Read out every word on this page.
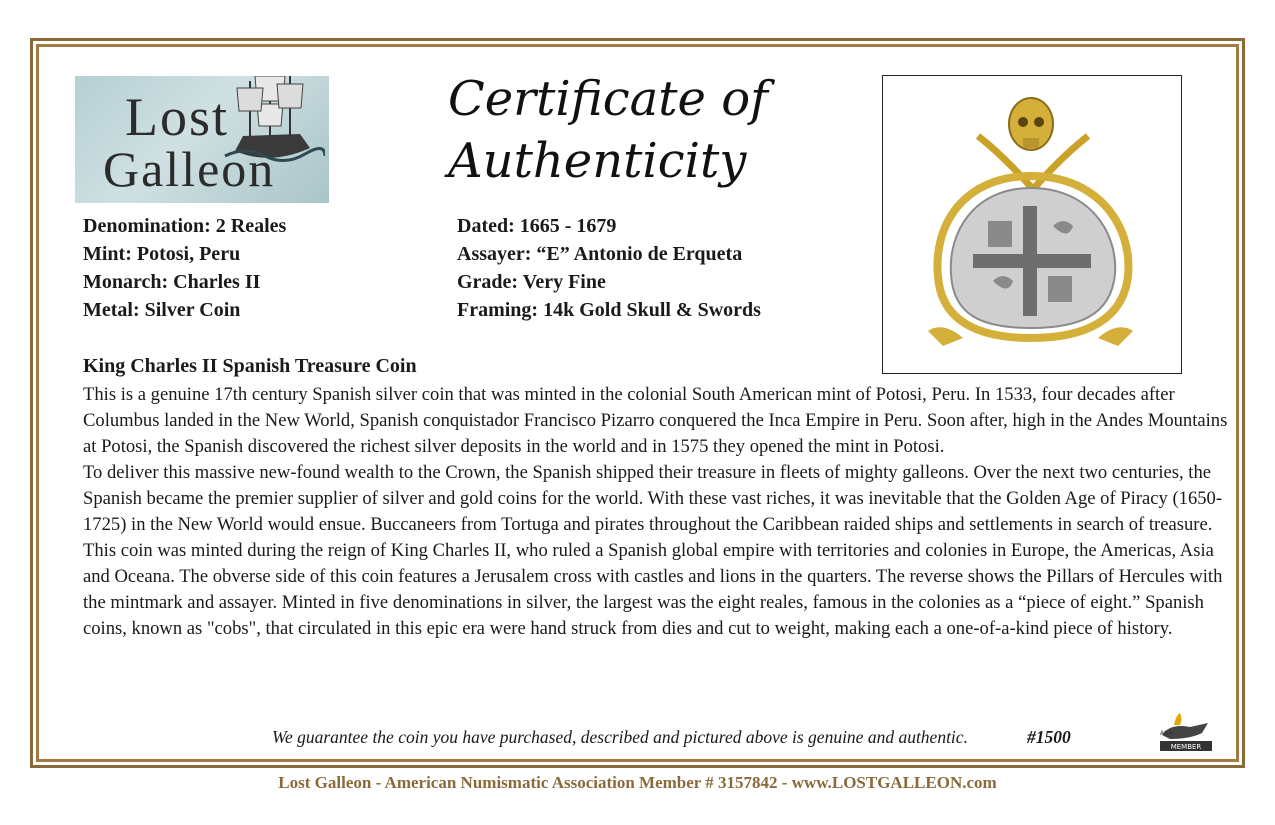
Lost
Galleon
Certificate of
Authenticity
Denomination: 2 Reales
Mint: Potosi, Peru
Monarch: Charles II
Metal: Silver Coin
Dated: 1665 - 1679
Assayer: “E” Antonio de Erqueta
Grade: Very Fine
Framing: 14k Gold Skull & Swords
King Charles II Spanish Treasure Coin

This is a genuine 17th century Spanish silver coin that was minted in the colonial South American mint of Potosi, Peru. In 1533, four decades after Columbus landed in the New World, Spanish conquistador Francisco Pizarro conquered the Inca Empire in Peru. Soon after, high in the Andes Mountains at Potosi, the Spanish discovered the richest silver deposits in the world and in 1575 they opened the mint in Potosi.

To deliver this massive new-found wealth to the Crown, the Spanish shipped their treasure in fleets of mighty galleons. Over the next two centuries, the Spanish became the premier supplier of silver and gold coins for the world. With these vast riches, it was inevitable that the Golden Age of Piracy (1650-1725) in the New World would ensue. Buccaneers from Tortuga and pirates throughout the Caribbean raided ships and settlements in search of treasure.

This coin was minted during the reign of King Charles II, who ruled a Spanish global empire with territories and colonies in Europe, the Americas, Asia and Oceana. The obverse side of this coin features a Jerusalem cross with castles and lions in the quarters. The reverse shows the Pillars of Hercules with the mintmark and assayer. Minted in five denominations in silver, the largest was the eight reales, famous in the colonies as a “piece of eight.” Spanish coins, known as "cobs", that circulated in this epic era were hand struck from dies and cut to weight, making each a one-of-a-kind piece of history.

We guarantee the coin you have purchased, described and pictured above is genuine and authentic.	#1500	MEMBER
ANA
Lost Galleon - American Numismatic Association Member # 3157842 - www.LOSTGALLEON.com
